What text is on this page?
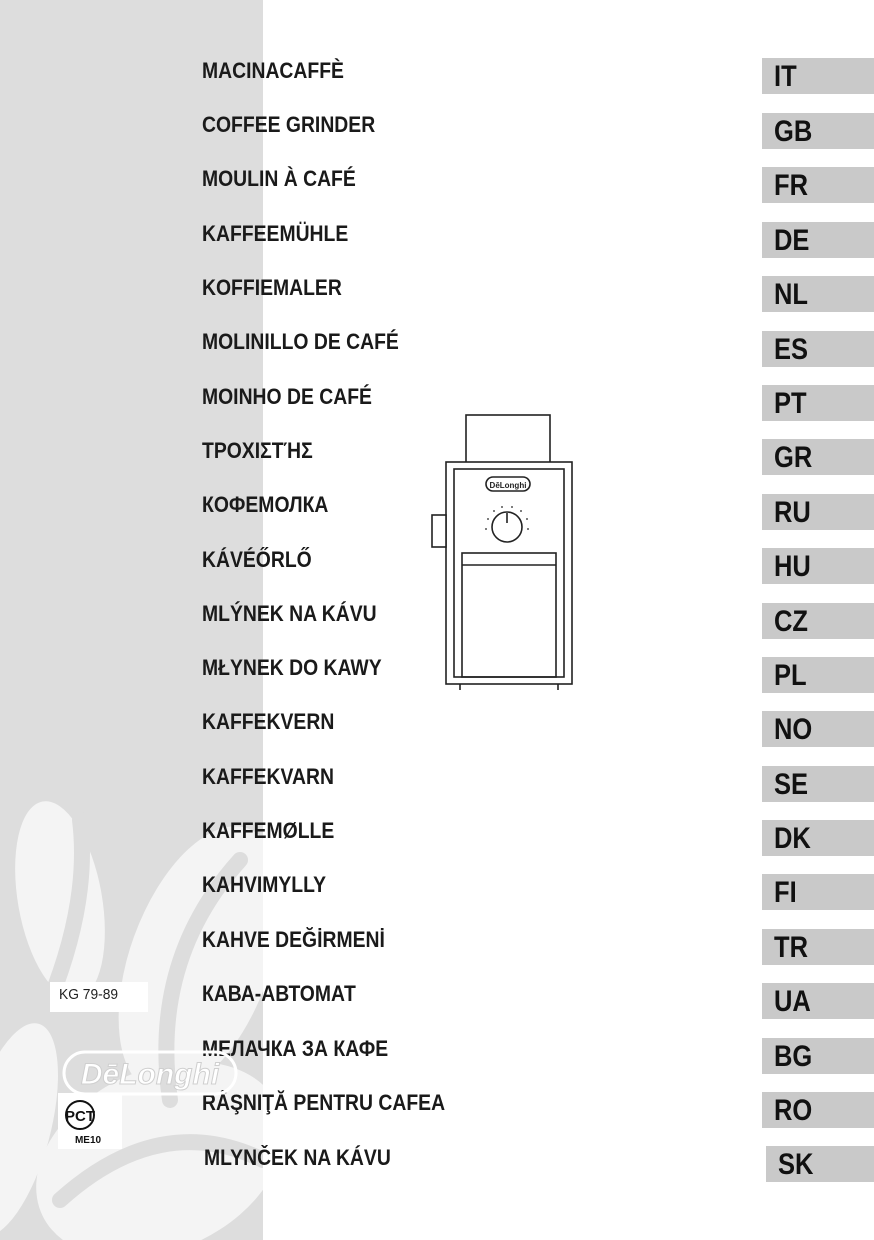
MACINACAFFÈ
COFFEE GRINDER
MOULIN À CAFÉ
KAFFEEMÜHLE
KOFFIEMALER
MOLINILLO DE CAFÉ
MOINHO DE CAFÉ
ΤΡΟΧΙΣΤΉΣ
КОФЕМОЛКА
KÁVÉŐRLŐ
MLÝNEK NA KÁVU
MŁYNEK DO KAWY
KAFFEKVERN
KAFFEKVARN
KAFFEMØLLE
KAHVIMYLLY
KAHVE DEĞİRMENİ
КАВА-АВТОМАТ
МЕЛАЧКА ЗА КАФЕ
RÂŞNIŢĂ PENTRU CAFEA
MLYNČEK NA KÁVU
IT
GB
FR
DE
NL
ES
PT
GR
RU
HU
CZ
PL
NO
SE
DK
FI
TR
UA
BG
RO
SK
DēLonghi
KG 79-89
DēLonghi
PCT
ME10
